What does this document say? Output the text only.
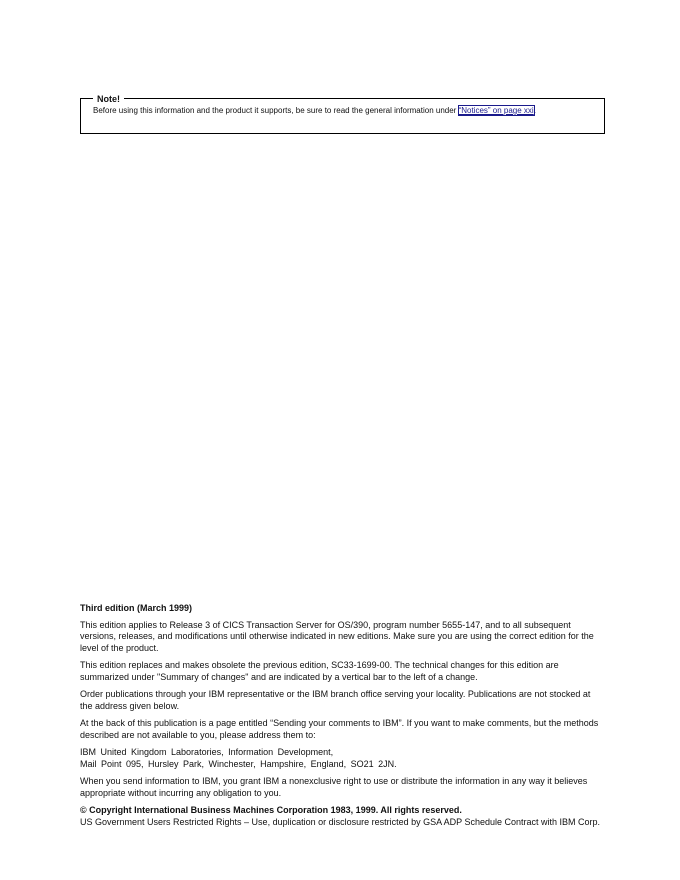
Note!
Before using this information and the product it supports, be sure to read the general information under “Notices” on page xxi.

Third edition (March 1999)

This edition applies to Release 3 of CICS Transaction Server for OS/390, program number 5655-147, and to all subsequent versions, releases, and modifications until otherwise indicated in new editions. Make sure you are using the correct edition for the level of the product.

This edition replaces and makes obsolete the previous edition, SC33-1699-00. The technical changes for this edition are summarized under "Summary of changes" and are indicated by a vertical bar to the left of a change.

Order publications through your IBM representative or the IBM branch office serving your locality. Publications are not stocked at the address given below.

At the back of this publication is a page entitled “Sending your comments to IBM”. If you want to make comments, but the methods described are not available to you, please address them to:

IBM United Kingdom Laboratories, Information Development,
Mail Point 095, Hursley Park, Winchester, Hampshire, England, SO21 2JN.

When you send information to IBM, you grant IBM a nonexclusive right to use or distribute the information in any way it believes appropriate without incurring any obligation to you.

© Copyright International Business Machines Corporation 1983, 1999. All rights reserved.

US Government Users Restricted Rights – Use, duplication or disclosure restricted by GSA ADP Schedule Contract with IBM Corp.
